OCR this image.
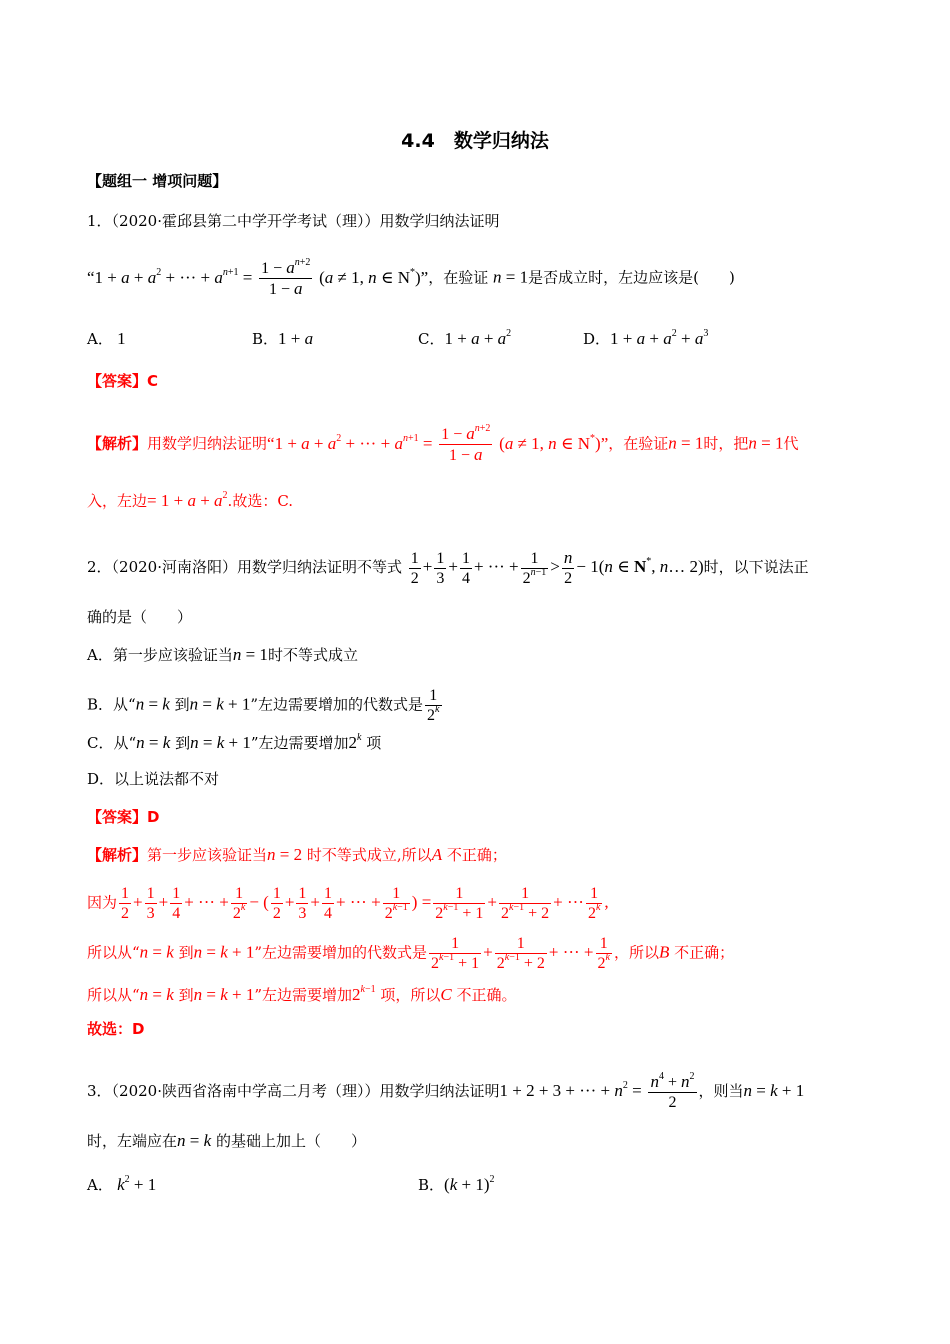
4.4　数学归纳法
【题组一 增项问题】
1．（2020·霍邱县第二中学开学考试（理））用数学归纳法证明
“$1 + a + a^2$ + ··· + $a^{n+1} = \frac{1 - a^{n+2}}{1 - a} (a \ne 1$, n ∈ N*)”，在验证 n = 1是否成立时，左边应该是(　　)
A． 1	B．1 + a	C．$1 + a + a^2$	D．$1 + a + a^2 + a^3$
【答案】C
【解析】用数学归纳法证明“$1 + a + a^2$ + ··· + $a^{n+1} = \frac{1 - a^{n+2}}{1 - a} (a \ne 1$, n ∈ N*)”，在验证n = 1时，把n = 1代
入，左边= $1 + a + a^2$.故选：C.
2．（2020·河南洛阳）用数学归纳法证明不等式 $\frac{1}{2} + \frac{1}{3} + \frac{1}{4}$ + ··· + $\frac{1}{2^{n-1}} > \frac{n}{2} - 1(n$ ∈ N*, n… 2)时，以下说法正
确的是（　　）
A．第一步应该验证当n = 1时不等式成立
B．从“n = k 到n = k + 1”左边需要增加的代数式是 $\frac{1}{2^k}$
C．从“n = k 到n = k + 1”左边需要增加2$^k$ 项
D．以上说法都不对
【答案】D
【解析】第一步应该验证当n = 2 时不等式成立,所以A 不正确；
因为 $\frac{1}{2} + \frac{1}{3} + \frac{1}{4}$ + ··· + $\frac{1}{2^k}$ − ( $\frac{1}{2} + \frac{1}{3} + \frac{1}{4}$ + ··· + $\frac{1}{2^{k-1}}$ ) = $\frac{1}{2^{k-1} + 1} + \frac{1}{2^{k-1} + 2}$ + ··· $\frac{1}{2^k}$ ,
所以从“n = k 到n = k + 1”左边需要增加的代数式是 $\frac{1}{2^{k-1} + 1} + \frac{1}{2^{k-1} + 2}$ + ··· + $\frac{1}{2^k}$ ，所以B 不正确；
所以从“n = k 到n = k + 1”左边需要增加$2^{k-1}$ 项，所以C 不正确。
故选：D
3．（2020·陕西省洛南中学高二月考（理））用数学归纳法证明1 + 2 + 3 + ··· + $n^2 = \frac{n^4 + n^2}{2}$ ，则当n = k + 1
时，左端应在n = k 的基础上加上（　　）
A． $k^2 + 1$	B．$(k + 1)^2$
